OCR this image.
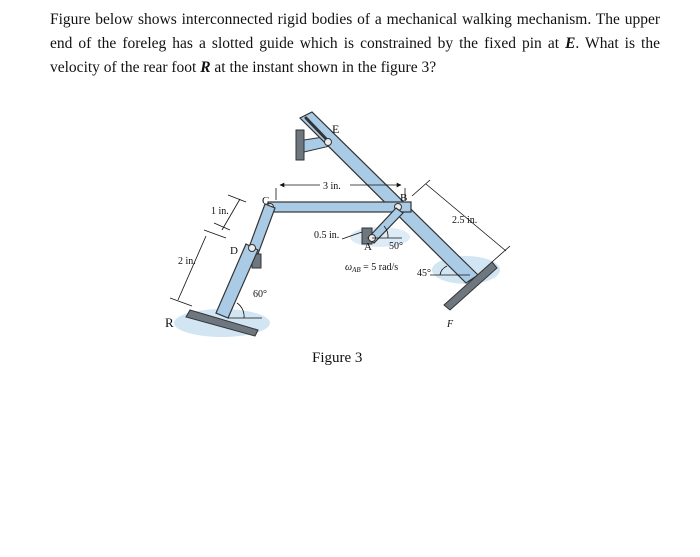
Figure below shows interconnected rigid bodies of a mechanical walking mechanism. The upper end of the foreleg has a slotted guide which is constrained by the fixed pin at E. What is the velocity of the rear foot R at the instant shown in the figure 3?

E
C	B
D	A
R	F
3 in.
1 in.
2 in.
0.5 in.
2.5 in.
60°
50°
45°
$\omega_{AB} = 5$ rad/s
Figure 3
